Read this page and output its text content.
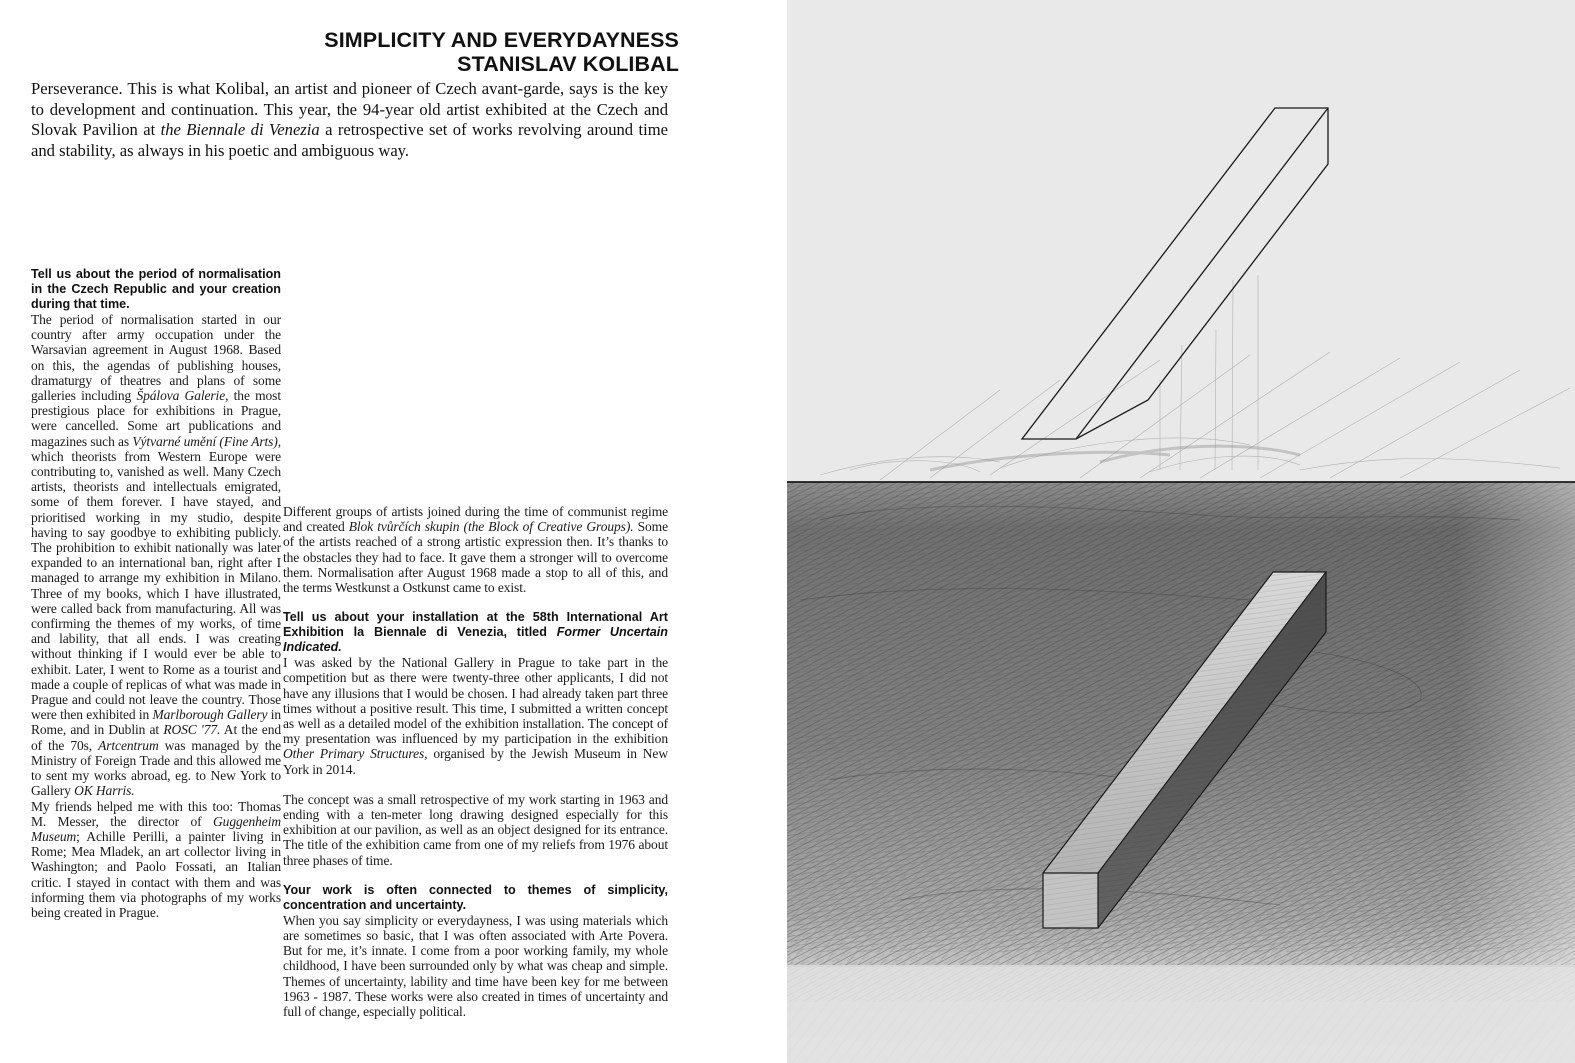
SIMPLICITY AND EVERYDAYNESS
STANISLAV KOLIBAL

Perseverance. This is what Kolibal, an artist and pioneer of Czech avant-garde, says is the key to development and continuation. This year, the 94-year old artist exhibited at the Czech and Slovak Pavilion at the Biennale di Venezia a retrospective set of works revolving around time and stability, as always in his poetic and ambiguous way.

Tell us about the period of normalisation in the Czech Republic and your creation during that time.

The period of normalisation started in our country after army occupation under the Warsavian agreement in August 1968. Based on this, the agendas of publishing houses, dramaturgy of theatres and plans of some galleries including Špálova Galerie, the most prestigious place for exhibitions in Prague, were cancelled. Some art publications and magazines such as Výtvarné umění (Fine Arts), which theorists from Western Europe were contributing to, vanished as well. Many Czech artists, theorists and intellectuals emigrated, some of them forever. I have stayed, and prioritised working in my studio, despite having to say goodbye to exhibiting publicly. The prohibition to exhibit nationally was later expanded to an international ban, right after I managed to arrange my exhibition in Milano. Three of my books, which I have illustrated, were called back from manufacturing. All was confirming the themes of my works, of time and lability, that all ends. I was creating without thinking if I would ever be able to exhibit. Later, I went to Rome as a tourist and made a couple of replicas of what was made in Prague and could not leave the country. Those were then exhibited in Marlborough Gallery in Rome, and in Dublin at ROSC '77. At the end of the 70s, Artcentrum was managed by the Ministry of Foreign Trade and this allowed me to sent my works abroad, eg. to New York to Gallery OK Harris.

My friends helped me with this too: Thomas M. Messer, the director of Guggenheim Museum; Achille Perilli, a painter living in Rome; Mea Mladek, an art collector living in Washington; and Paolo Fossati, an Italian critic. I stayed in contact with them and was informing them via photographs of my works being created in Prague.

Different groups of artists joined during the time of communist regime and created Blok tvůrčích skupin (the Block of Creative Groups). Some of the artists reached of a strong artistic expression then. It’s thanks to the obstacles they had to face. It gave them a stronger will to overcome them. Normalisation after August 1968 made a stop to all of this, and the terms Westkunst a Ostkunst came to exist.

Tell us about your installation at the 58th International Art Exhibition la Biennale di Venezia, titled Former Uncertain Indicated.

I was asked by the National Gallery in Prague to take part in the competition but as there were twenty-three other applicants, I did not have any illusions that I would be chosen. I had already taken part three times without a positive result. This time, I submitted a written concept as well as a detailed model of the exhibition installation. The concept of my presentation was influenced by my participation in the exhibition Other Primary Structures, organised by the Jewish Museum in New York in 2014.

The concept was a small retrospective of my work starting in 1963 and ending with a ten-meter long drawing designed especially for this exhibition at our pavilion, as well as an object designed for its entrance. The title of the exhibition came from one of my reliefs from 1976 about three phases of time.

Your work is often connected to themes of simplicity, concentration and uncertainty.

When you say simplicity or everydayness, I was using materials which are sometimes so basic, that I was often associated with Arte Povera. But for me, it’s innate. I come from a poor working family, my whole childhood, I have been surrounded only by what was cheap and simple. Themes of uncertainty, lability and time have been key for me between 1963 - 1987. These works were also created in times of uncertainty and full of change, especially political.
